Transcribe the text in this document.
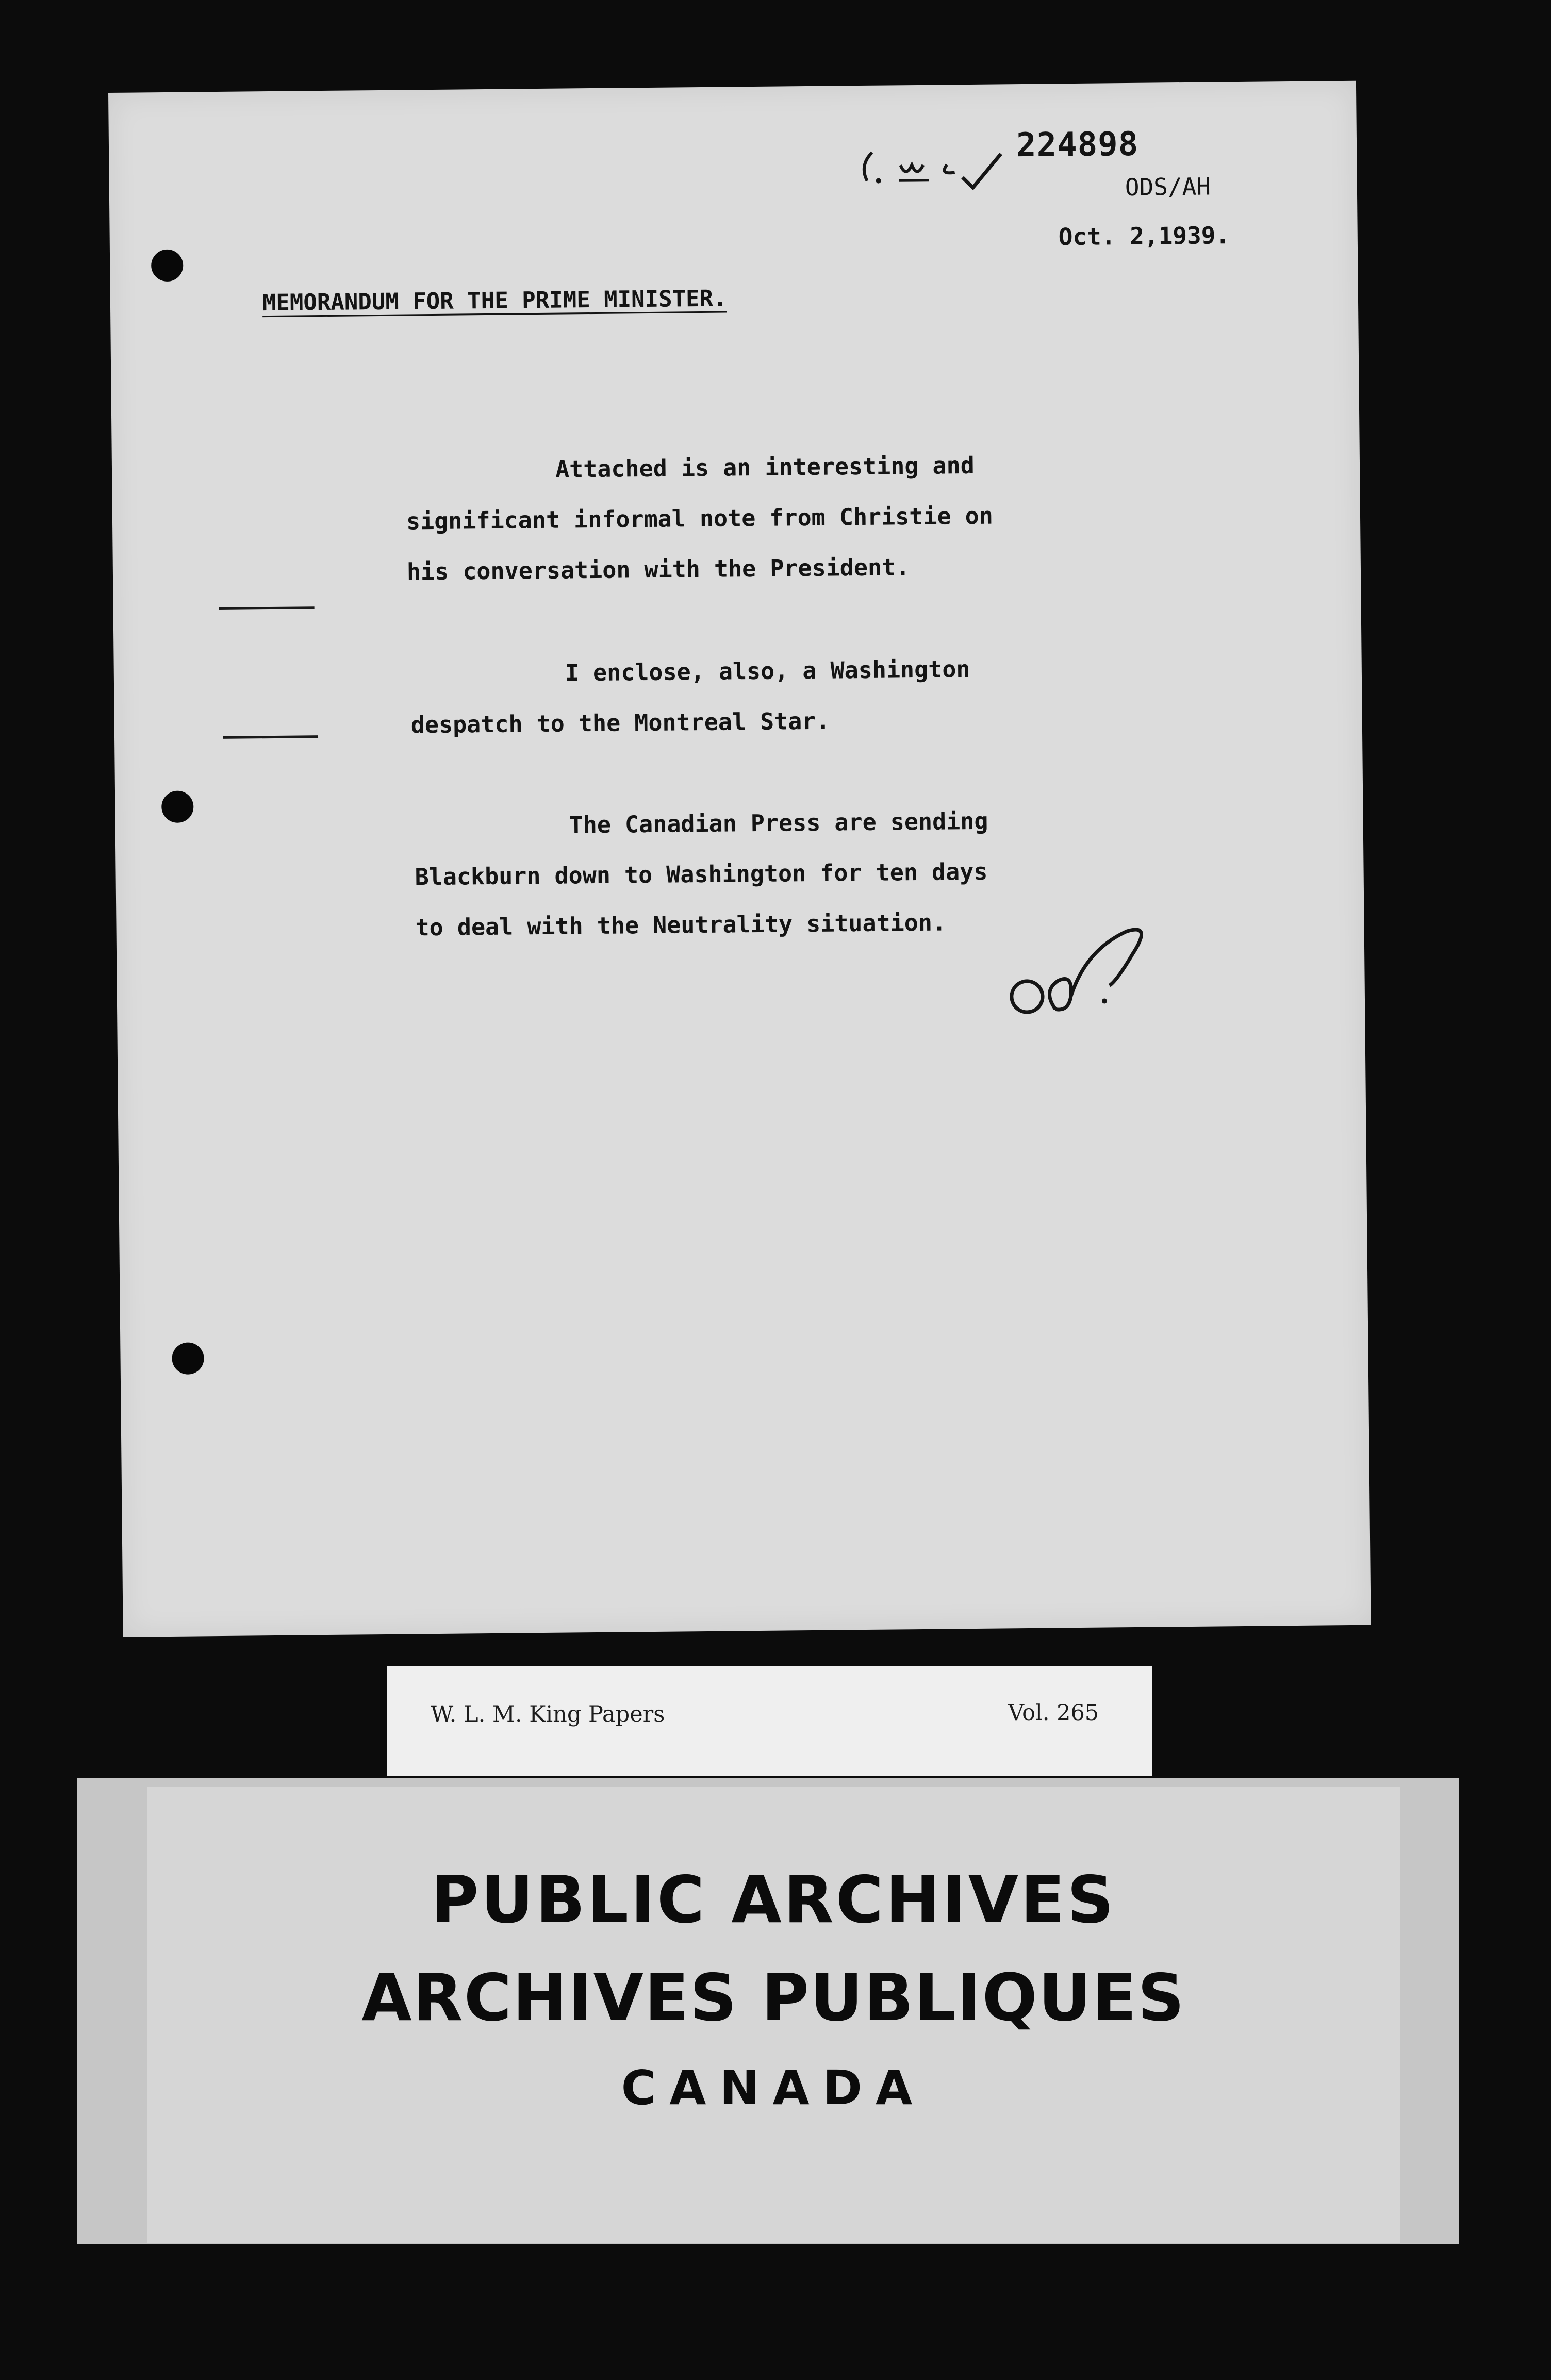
224898
ODS/AH
Oct. 2,1939.
MEMORANDUM FOR THE PRIME MINISTER.
Attached is an interesting and
significant informal note from Christie on
his conversation with the President.
I enclose, also, a Washington
despatch to the Montreal Star.
The Canadian Press are sending
Blackburn down to Washington for ten days
to deal with the Neutrality situation.
W. L. M. King Papers	Vol. 265
PUBLIC ARCHIVES
ARCHIVES PUBLIQUES
CANADA
